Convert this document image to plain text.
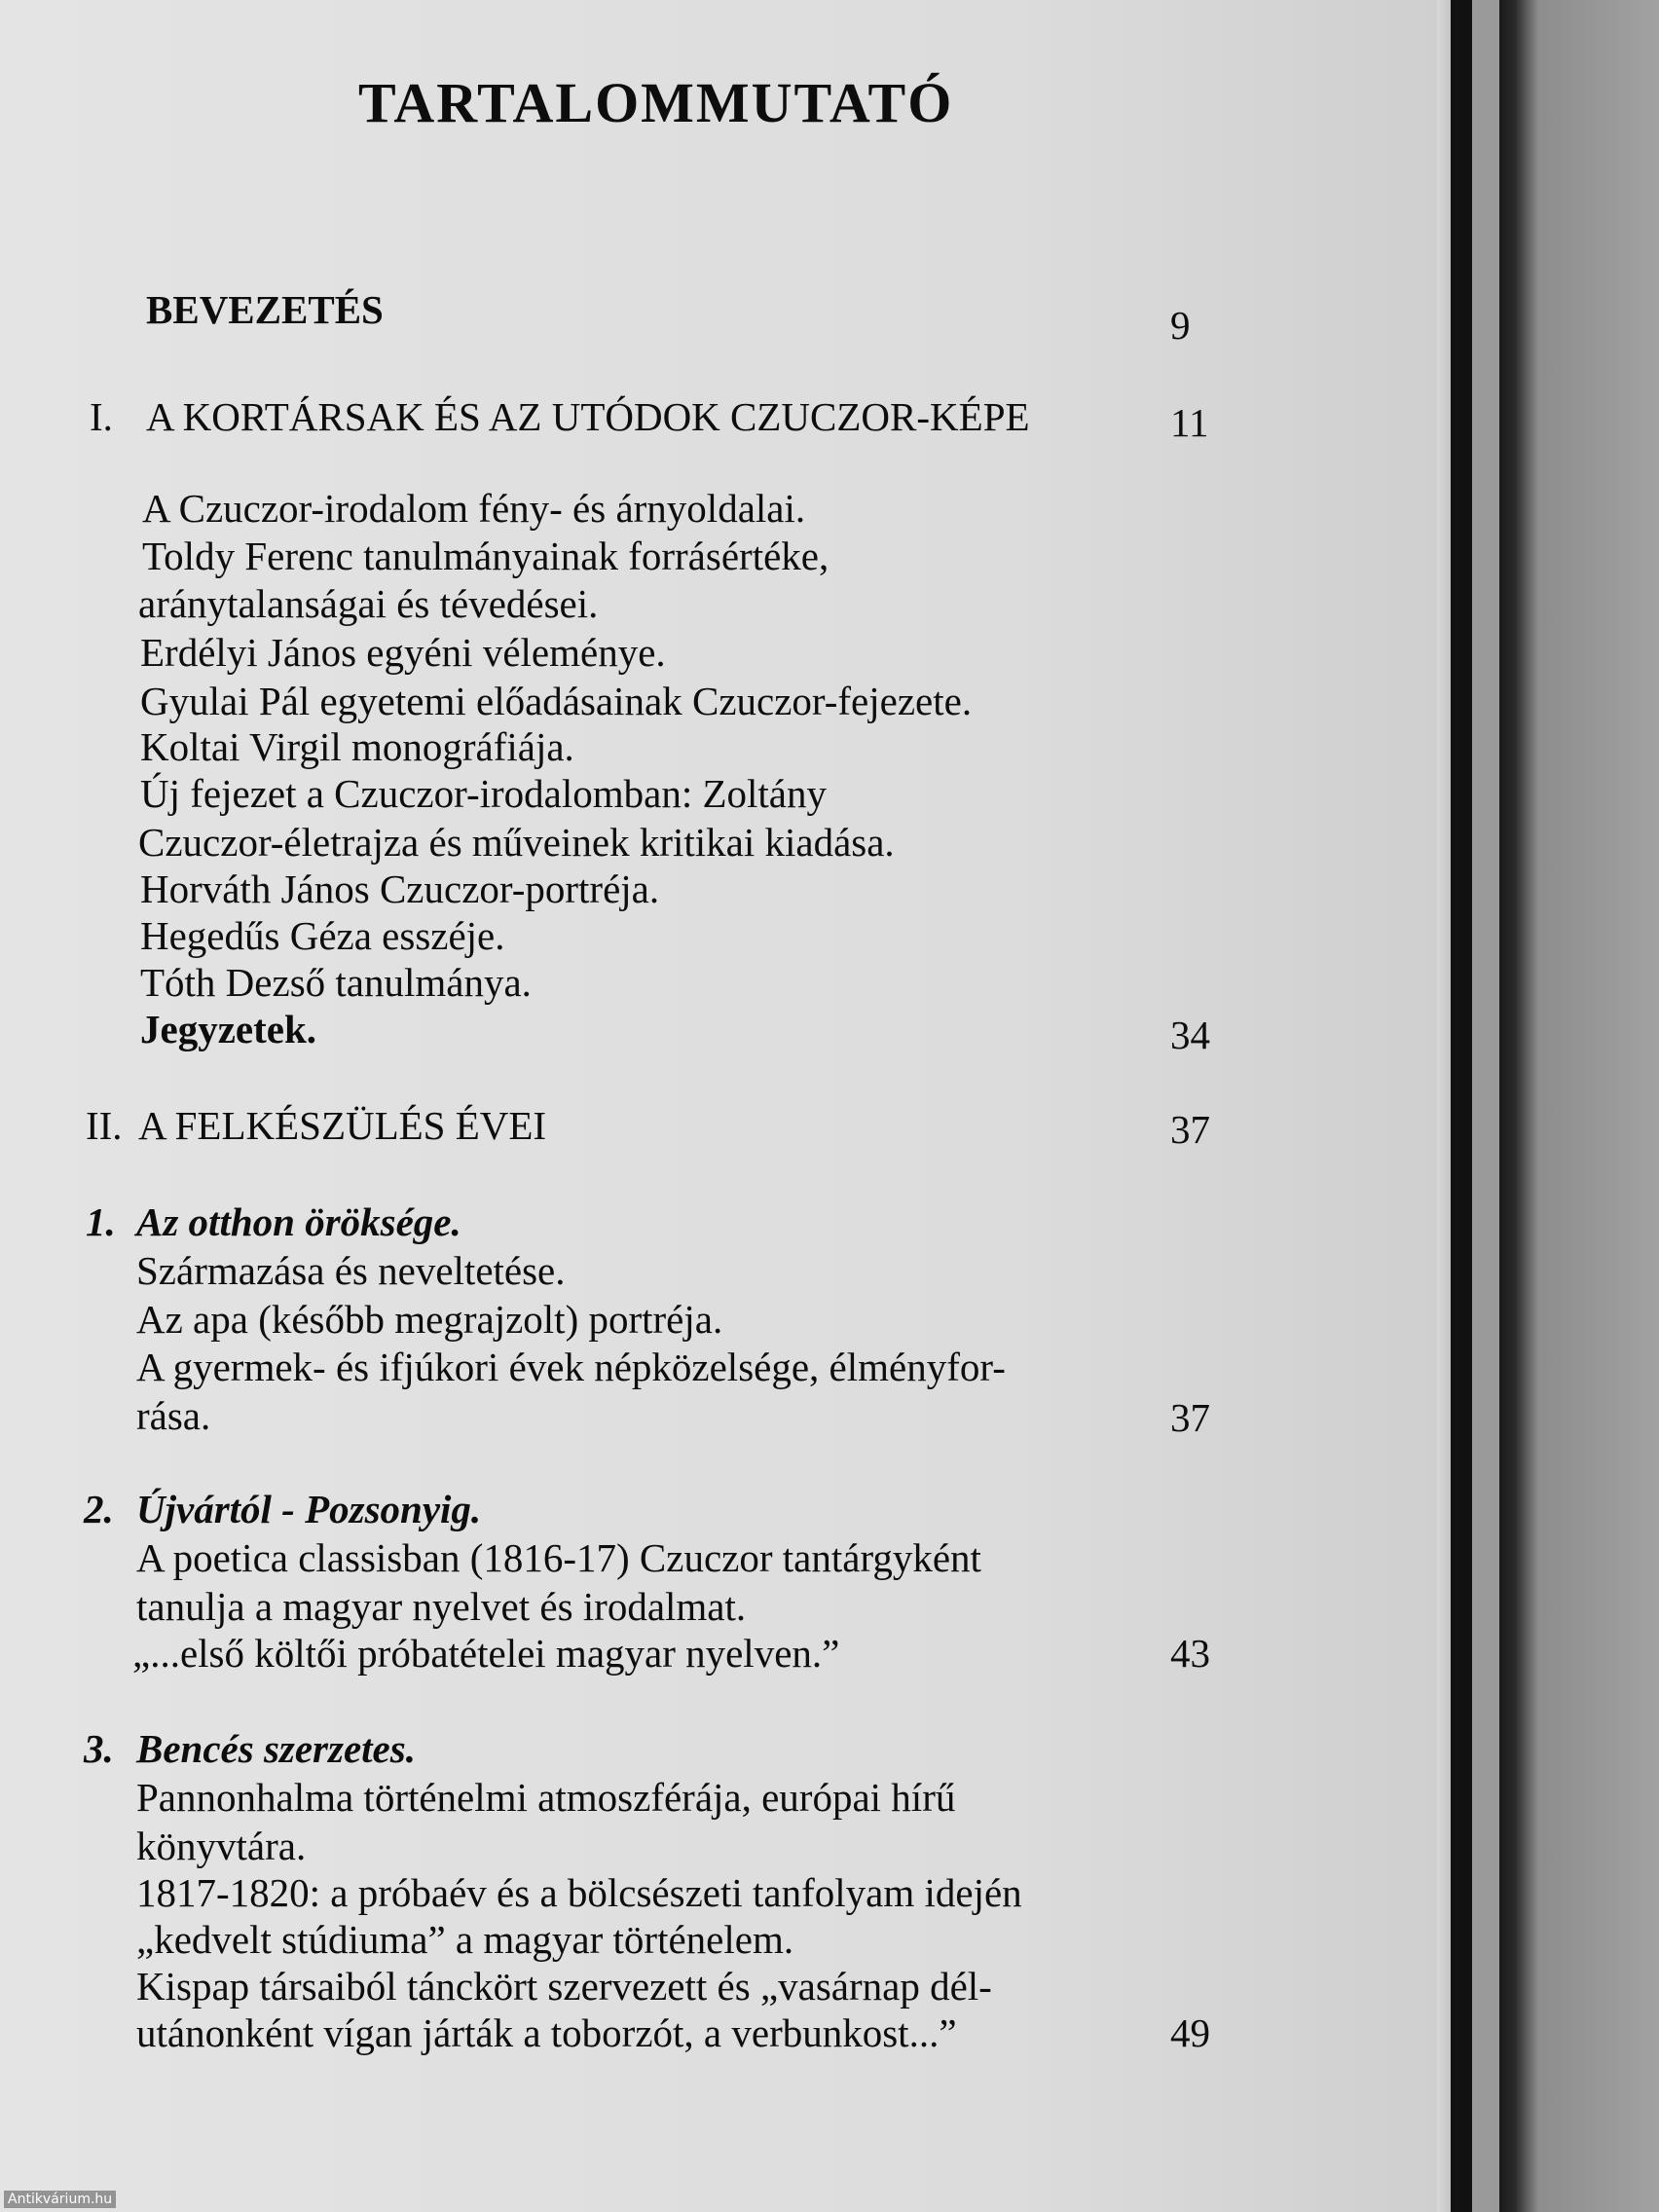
TARTALOMMUTATÓ
BEVEZETÉS	9
I. A KORTÁRSAK ÉS AZ UTÓDOK CZUCZOR-KÉPE	11
A Czuczor-irodalom fény- és árnyoldalai.
Toldy Ferenc tanulmányainak forrásértéke,
aránytalanságai és tévedései.
Erdélyi János egyéni véleménye.
Gyulai Pál egyetemi előadásainak Czuczor-fejezete.
Koltai Virgil monográfiája.
Új fejezet a Czuczor-irodalomban: Zoltány
Czuczor-életrajza és műveinek kritikai kiadása.
Horváth János Czuczor-portréja.
Hegedűs Géza esszéje.
Tóth Dezső tanulmánya.
Jegyzetek.	34
II. A FELKÉSZÜLÉS ÉVEI	37
1. Az otthon öröksége.
Származása és neveltetése.
Az apa (később megrajzolt) portréja.
A gyermek- és ifjúkori évek népközelsége, élményfor-
rása.	37
2. Újvártól - Pozsonyig.
A poetica classisban (1816-17) Czuczor tantárgyként
tanulja a magyar nyelvet és irodalmat.
„...első költői próbatételei magyar nyelven.”	43
3. Bencés szerzetes.
Pannonhalma történelmi atmoszférája, európai hírű
könyvtára.
1817-1820: a próbaév és a bölcsészeti tanfolyam idején
„kedvelt stúdiuma” a magyar történelem.
Kispap társaiból tánckört szervezett és „vasárnap dél-
utánonként vígan járták a toborzót, a verbunkost...”	49
Antikvárium.hu
